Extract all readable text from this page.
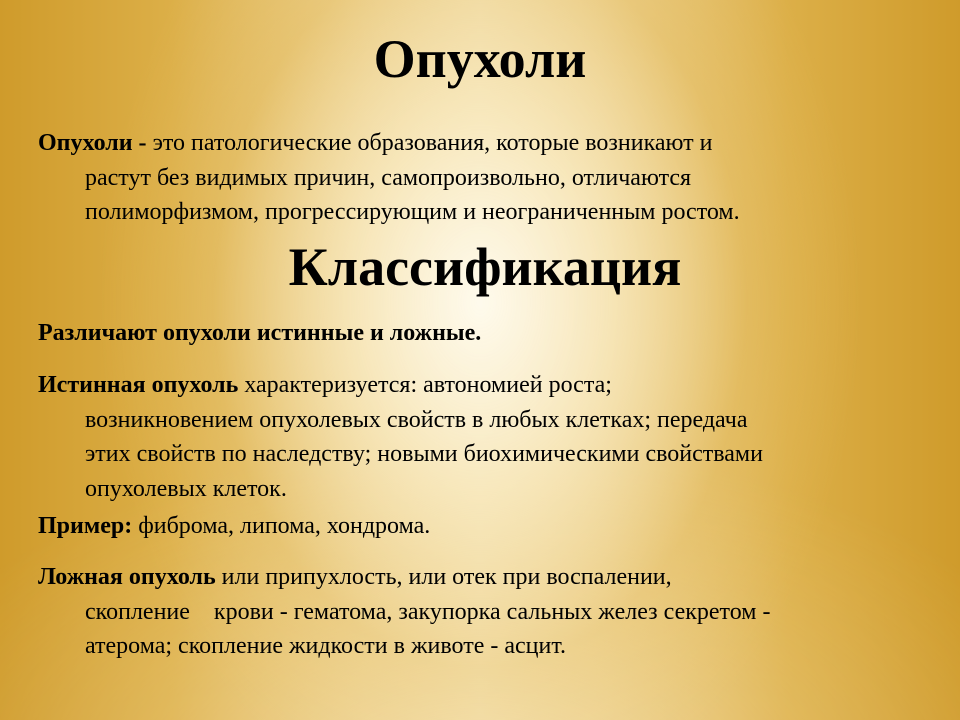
Опухоли
Опухоли - это патологические образования, которые возникают и
растут без видимых причин, самопроизвольно, отличаются
полиморфизмом, прогрессирующим и неограниченным ростом.
Классификация
Различают опухоли истинные и ложные.
Истинная опухоль характеризуется: автономией роста;
возникновением опухолевых свойств в любых клетках; передача
этих свойств по наследству; новыми биохимическими свойствами
опухолевых клеток.
Пример: фиброма, липома, хондрома.
Ложная опухоль или припухлость, или отек при воспалении,
скопление    крови - гематома, закупорка сальных желез секретом -
атерома; скопление жидкости в животе - асцит.
